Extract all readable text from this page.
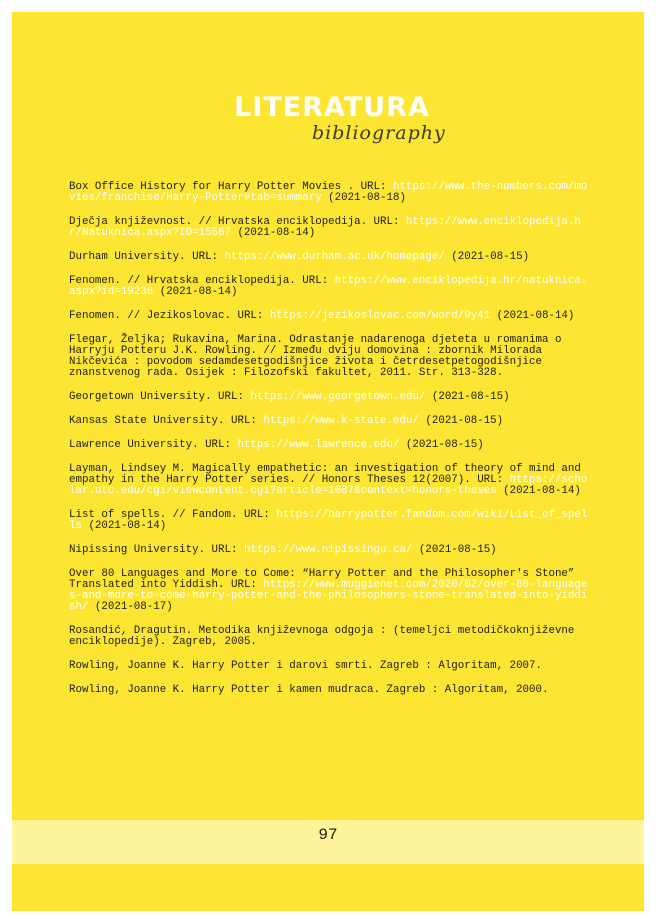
LITERATURA
bibliography
Box Office History for Harry Potter Movies . URL: https://www.the-numbers.com/movies/franchise/Harry-Potter#tab=summary (2021-08-18)
Dječja književnost. // Hrvatska enciklopedija. URL: https://www.enciklopedija.hr/Natuknica.aspx?ID=15567 (2021-08-14)
Durham University. URL: https://www.durham.ac.uk/homepage/ (2021-08-15)
Fenomen. // Hrvatska enciklopedija. URL: https://www.enciklopedija.hr/natuknica.aspx?id=19236 (2021-08-14)
Fenomen. // Jezikoslovac. URL: https://jezikoslovac.com/word/9y41 (2021-08-14)
Flegar, Željka; Rukavina, Marina. Odrastanje nadarenoga djeteta u romanima o Harryju Potteru J.K. Rowling. // Između dviju domovina : zbornik Milorada Nikčevića : povodom sedamdesetgodišnjice života i četrdesetpetogodišnjice znanstvenog rada. Osijek : Filozofski fakultet, 2011. Str. 313-328.
Georgetown University. URL: https://www.georgetown.edu/ (2021-08-15)
Kansas State University. URL: https://www.k-state.edu/ (2021-08-15)
Lawrence University. URL: https://www.lawrence.edu/ (2021-08-15)
Layman, Lindsey M. Magically empathetic: an investigation of theory of mind and empathy in the Harry Potter series. // Honors Theses 12(2007). URL: https://scholar.utc.edu/cgi/viewcontent.cgi?article=1087&context=honors-theses (2021-08-14)
List of spells. // Fandom. URL: https://harrypotter.fandom.com/wiki/List_of_spells (2021-08-14)
Nipissing University. URL: https://www.nipissingu.ca/ (2021-08-15)
Over 80 Languages and More to Come: “Harry Potter and the Philosopher's Stone” Translated into Yiddish. URL: https://www.muggienet.com/2020/02/over-80-languages-and-more-to-come-harry-potter-and-the-philosophers-stone-translated-into-yiddish/ (2021-08-17)
Rosandić, Dragutin. Metodika književnoga odgoja : (temeljci metodičkoknjiževne enciklopedije). Zagreb, 2005.
Rowling, Joanne K. Harry Potter i darovi smrti. Zagreb : Algoritam, 2007.
Rowling, Joanne K. Harry Potter i kamen mudraca. Zagreb : Algoritam, 2000.
97
